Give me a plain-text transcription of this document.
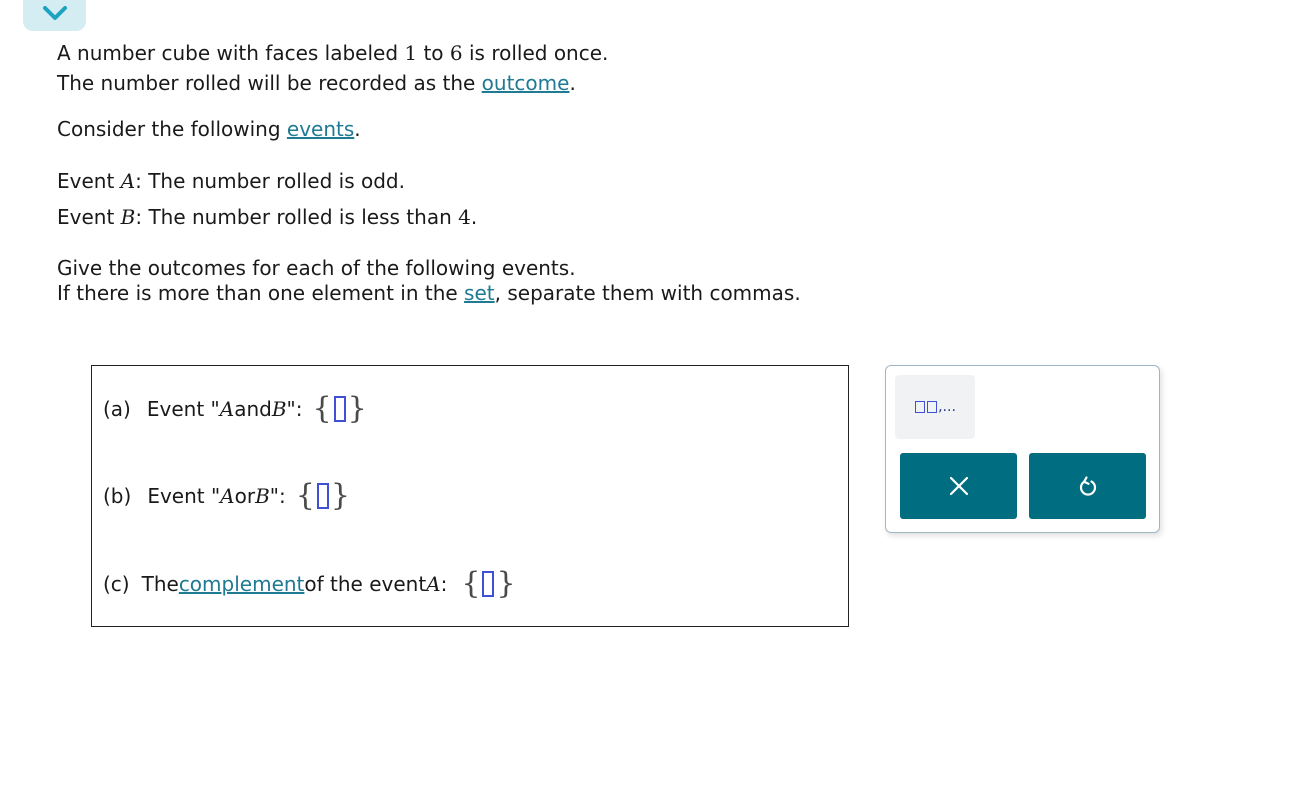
A number cube with faces labeled 1 to 6 is rolled once.
The number rolled will be recorded as the outcome.
Consider the following events.
Event A: The number rolled is odd.
Event B: The number rolled is less than 4.
Give the outcomes for each of the following events.
If there is more than one element in the set, separate them with commas.
(a) Event " A and B ": { }
(b) Event " A or B ": { }
(c) The complement of the event A : { }
,...
